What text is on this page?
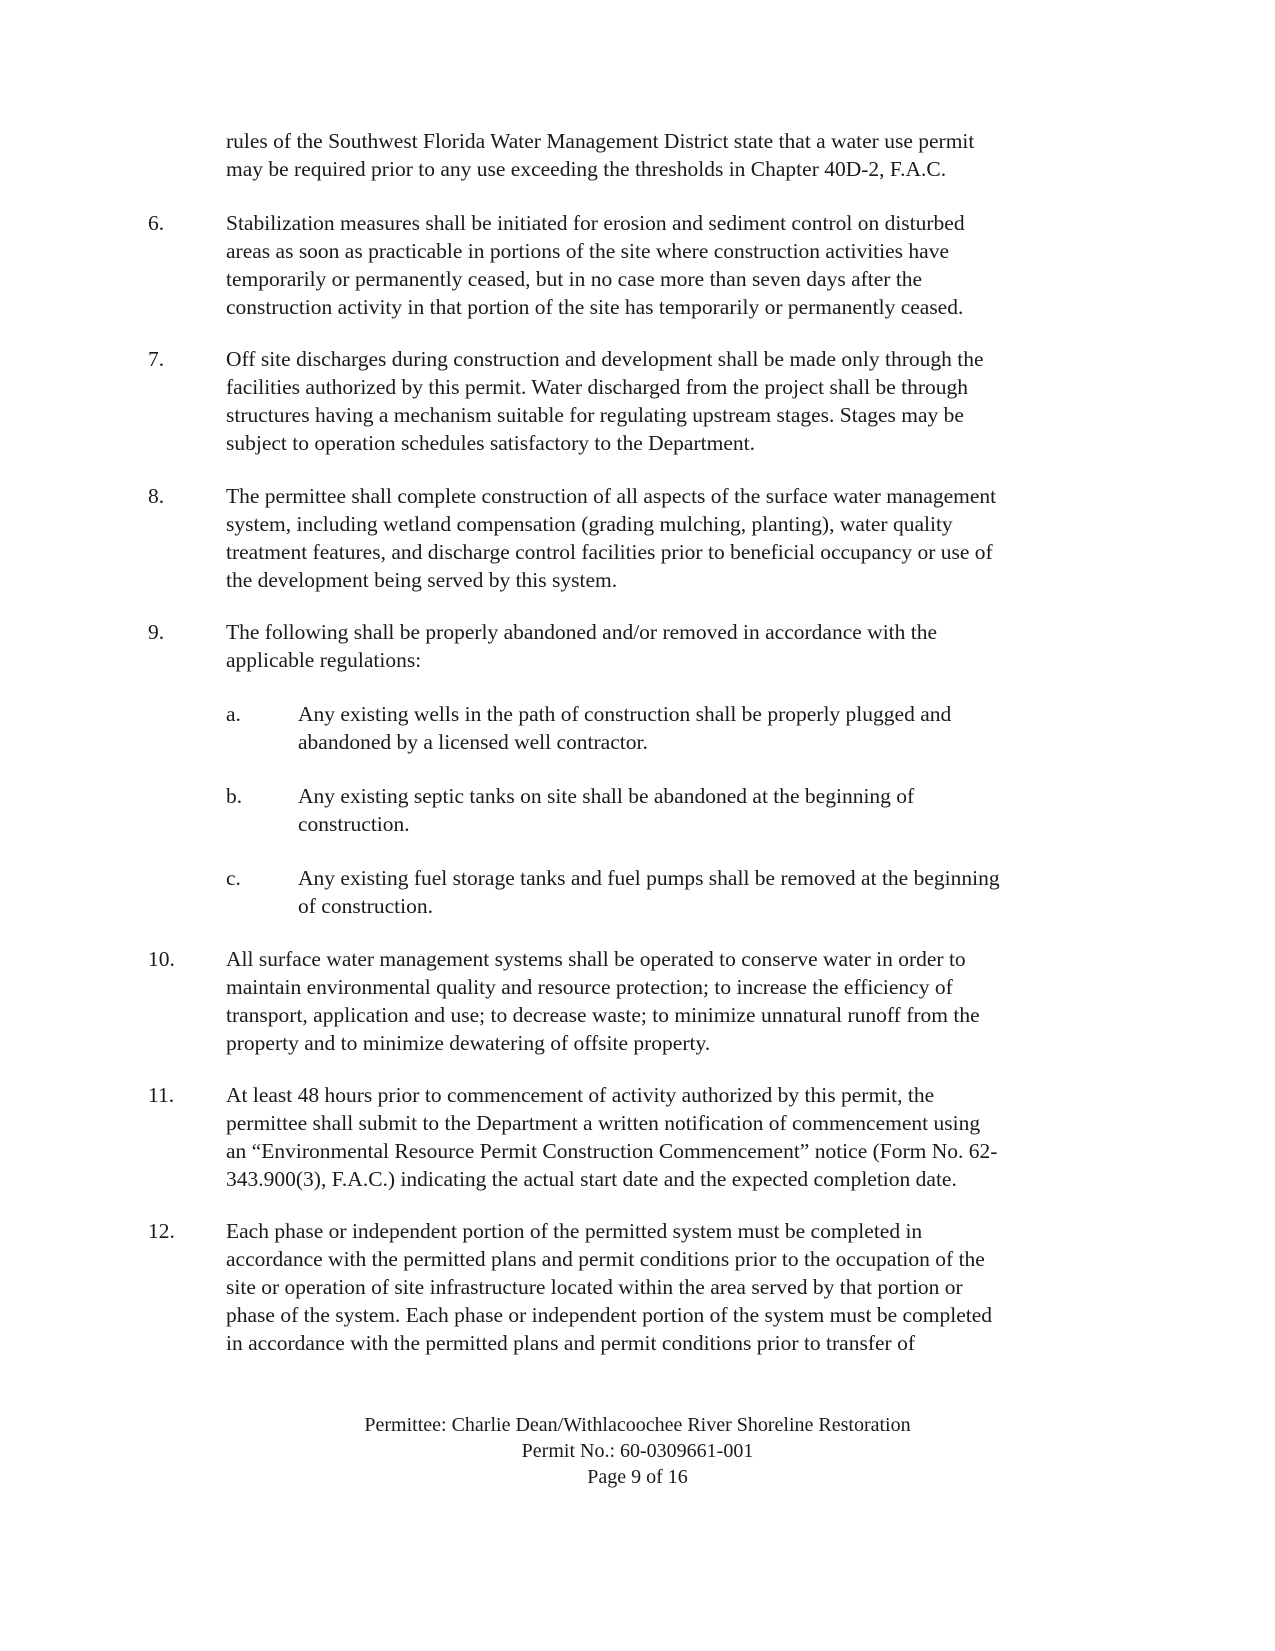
rules of the Southwest Florida Water Management District state that a water use permit
may be required prior to any use exceeding the thresholds in Chapter 40D-2, F.A.C.
6.	Stabilization measures shall be initiated for erosion and sediment control on disturbed
areas as soon as practicable in portions of the site where construction activities have
temporarily or permanently ceased, but in no case more than seven days after the
construction activity in that portion of the site has temporarily or permanently ceased.
7.	Off site discharges during construction and development shall be made only through the
facilities authorized by this permit. Water discharged from the project shall be through
structures having a mechanism suitable for regulating upstream stages. Stages may be
subject to operation schedules satisfactory to the Department.
8.	The permittee shall complete construction of all aspects of the surface water management
system, including wetland compensation (grading mulching, planting), water quality
treatment features, and discharge control facilities prior to beneficial occupancy or use of
the development being served by this system.
9.	The following shall be properly abandoned and/or removed in accordance with the
applicable regulations:
a.	Any existing wells in the path of construction shall be properly plugged and
abandoned by a licensed well contractor.
b.	Any existing septic tanks on site shall be abandoned at the beginning of
construction.
c.	Any existing fuel storage tanks and fuel pumps shall be removed at the beginning
of construction.
10. All surface water management systems shall be operated to conserve water in order to
maintain environmental quality and resource protection; to increase the efficiency of
transport, application and use; to decrease waste; to minimize unnatural runoff from the
property and to minimize dewatering of offsite property.
11. At least 48 hours prior to commencement of activity authorized by this permit, the
permittee shall submit to the Department a written notification of commencement using
an “Environmental Resource Permit Construction Commencement” notice (Form No. 62-
343.900(3), F.A.C.) indicating the actual start date and the expected completion date.
12. Each phase or independent portion of the permitted system must be completed in
accordance with the permitted plans and permit conditions prior to the occupation of the
site or operation of site infrastructure located within the area served by that portion or
phase of the system. Each phase or independent portion of the system must be completed
in accordance with the permitted plans and permit conditions prior to transfer of
Permittee: Charlie Dean/Withlacoochee River Shoreline Restoration
Permit No.: 60-0309661-001
Page 9 of 16
